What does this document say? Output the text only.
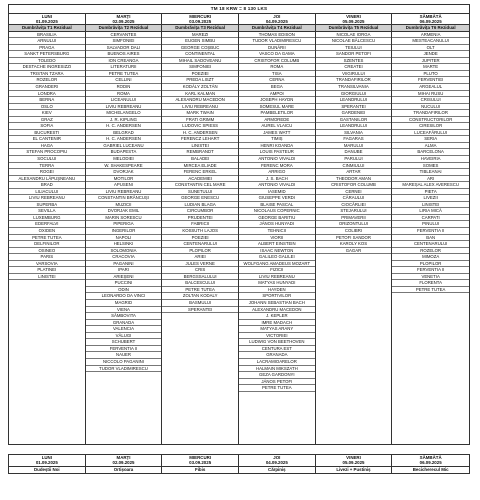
TM 18 KRW = 8 130 LKS
LUNI
01.09.2025
Dumbrăvița T1 Rezidual
MARȚI
02.09.2025
Dumbrăvița T2 Rezidual
MIERCURI
03.09.2025
Dumbrăvița T3 Rezidual
JOI
04.09.2025
Dumbrăvița T4 Rezidual
VINERI
05.09.2025
Dumbrăvița T5 Rezidual
SÂMBĂTĂ
06.09.2025
Dumbrăvița T6 Rezidual
BRASILIA
ARNULUI
PRAGA
SANKT PETERSBURG
TOLEDO
DESTACHE INGRESIZZI
TRISTAN TZARA
ROZELOR
GRANDERI
LONDRA
BERNA
OSLO
KIEV
GRAZ
SOFIA
BUCURESTI
EL CANTENIR
HAGA
STEFAN PROCOPIU
SOCULUI
TERRA
ROGEI
ALEXANDRU LĂPUȘNEANU
BRAD
LILIACULUI
LIVIU REBREANU
SUPERBA
SEVILLA
LUXEMBURG
EDERFALVI
OXIDEN
PETRE TUTEA
DELFINILOR
OSINEO
PARIS
VARSOVIA
PLATINEI
LINISTEI
CERVANTES
SIMFONIEI
SALVADOR DALI
BUENOS AIRES
ION CREANGA
LITERATURII
PETRE TUTEA
CELLINI
RODIN
ROMA
LICEANULUI
LIVIU REBREANU
MICHELANGELO
J. R. KIPLING
H. C. ANDERSEN
BELGRAD
H. C. ANDERSEN
GABRIEL LUCEANU
BUDAPESTA
MELODIEI
W. SHAKESPEARE
DVORJAK
MOTILOR
APUSENI
LIVIU REBREANU
CONSTANTIN BRÂNCUȘI
MUZICII
DVORJAK EMIL
MARIN SORESCU
PIPERIGA
INGERILOR
NAPOLI
HELSINKI
SOLOMONIA
CRACOVIA
PAGANINI
IPARI
ARIEȘENI
PUCCINI
ODIN
LEONARDO DA VINCI
MAGRID
VIENA
SÂMBOVITA
GRANADA
VALENCIA
VĂLUGI
SCHUBERT
FERVENTIA II
NAUER
NICCOLO PAGANINI
TUDOR VLADIMIRESCU
MAREZI
EUGEN SIMBU
GEORGE COȘBUC
CONTINENTAL
MIHAIL SADOVEANU
SIMFONIEI
POEZIEI
PREDA LISZT
KODÁLY ZOLTÁN
KARL KALMAN
ALEXANDRU MACEDON
LIVIU REBREANU
MARK TWAIN
FRATI GRIMM
LUDOVIC SPIESS
H. C. ANDERSEN
FERENCZ LEHART
LINISTEI
REMBRANDT
BALADEI
MIRCEA ELIADE
FERENC ERKEL
ACADEMIEI
CONSTANTIN CEL MARE
SUNETULUI
GEORGE ENESCU
LUDIAN BLAGA
CIRCUMBOR
PRUDENTEI
FABRICII
KOSSUTH LAJOS
POEZIEI
CENTENARULUI
PLOPILOR
ARIEI
JULES VERNE
CRIS
BERGSSALULUI
BALCESCULUI
PETRE TUTEA
ZOLTAN KODALY
BASMULUI
SPERANTEI
THOMAS EDISON
TUDOR VLADIMIRESCU
DUNĂRII
VASCO DA GAMA
CRISTOFOR COLUMB
ROMA
TISA
CERNA
BEGA
AMPOI
JOSEPH HAYDN
SOMESUL MARE
PAMBELETILOR
ARMOREDE
AUREL VLAICU
JAMES WATT
TIMIȘ
HENRI KOANDA
LOUIS PASTEUR
ANTONIO VIVALDI
FERENC MORA
ARRIGO
J. S. BACH
ANTONIO VIVALDI
IASEMID
GIUSEPPE VERDI
BLAISE PASCAL
NICOLAUS COPERNIC
GEORGE BARITIU
JÁNOS HUNYADI
TEHNICII
VIORII
ALBERT EINSTEIN
ISAAC NEWTON
GALILEO GALILEI
WOLFGANG AMADEUS MOZART
FIZICII
LIVIU REBREANU
MATYAS HUNYADI
HAYDEN
SPORTIVILOR
JOHANN SEBASTIAN BACH
ALEXANDRU MACEDON
J. KEPLER
IMRE MADACH
MATYAS ARANY
VICTORIEI
LUDWIG VON BEETHOVEN
CENTURA EST
GRANADA
LACRAMIOARELOR
HALMAIN MIKSZATH
GEZA GARDONYI
JÁNOS PETOFI
PETRE TUTEA
NICOLAE IORGA
NICOLAE BĂLCESCU
TEIULUI
SANDOR PETOFI
SZENTES
CREATEI
VIIGIRULUI
TRANDAFIRILOR
TRANSILVANIA
GIORGIULUI
LEANDRULUI
SPERANTEI
GARDENIEI
GASTANILOR
LEANDRULUI
SILVANIA
FAGARAS
MARULUI
DANUBE
PARULUI
CINMIULUI
ARTAR
THEODOR AMAN
CRISTOFOR COLUMB
CERNEI
CĂRAULUI
CIOCÂRLIEI
STEJARULUI
PRIMAVERII
ORIZONTULUI
COLIBRI
PETOFI SANDOR
KAROLY KOS
GAGAR
ARMENIA
MESTEACANULUI
OLT
JENDE
JUPITER
MARTE
PLUTO
FERVENTIEI
ARGEALUL
MIHAI RUSU
CRISULUI
NUCULUI
TRANDAFIRILOR
CONSTRUCTORILOR
CIRESILOR
LUCEAFĂRULUI
SERIA
ALMA
BARCELONA
HAVEIRIA
SOMES
TIBLEANAI
ARI
MAREȘAL ALEX AVERESCU
PIETA
LIVEZII
LINISTEI
LIRIA MICĂ
CARPATI
PINULUI
FERVENTIA II
BAN
CENTENARULUI
ROZELOR
MIMOZA
PLOPILOR
FERVENTIA II
VENETIA
FLORENTA
PETRE TUTEA
LUNI
01.09.2025
Dudeștii Noi
MARȚI
02.09.2025
Ortișoara
MIERCURI
03.09.2025
Fibis
JOI
04.09.2025
Cărpiniș
VINERI
05.09.2025
Livezi + Pustiniș
SÂMBĂTĂ
06.09.2025
Becicherecul Mic
